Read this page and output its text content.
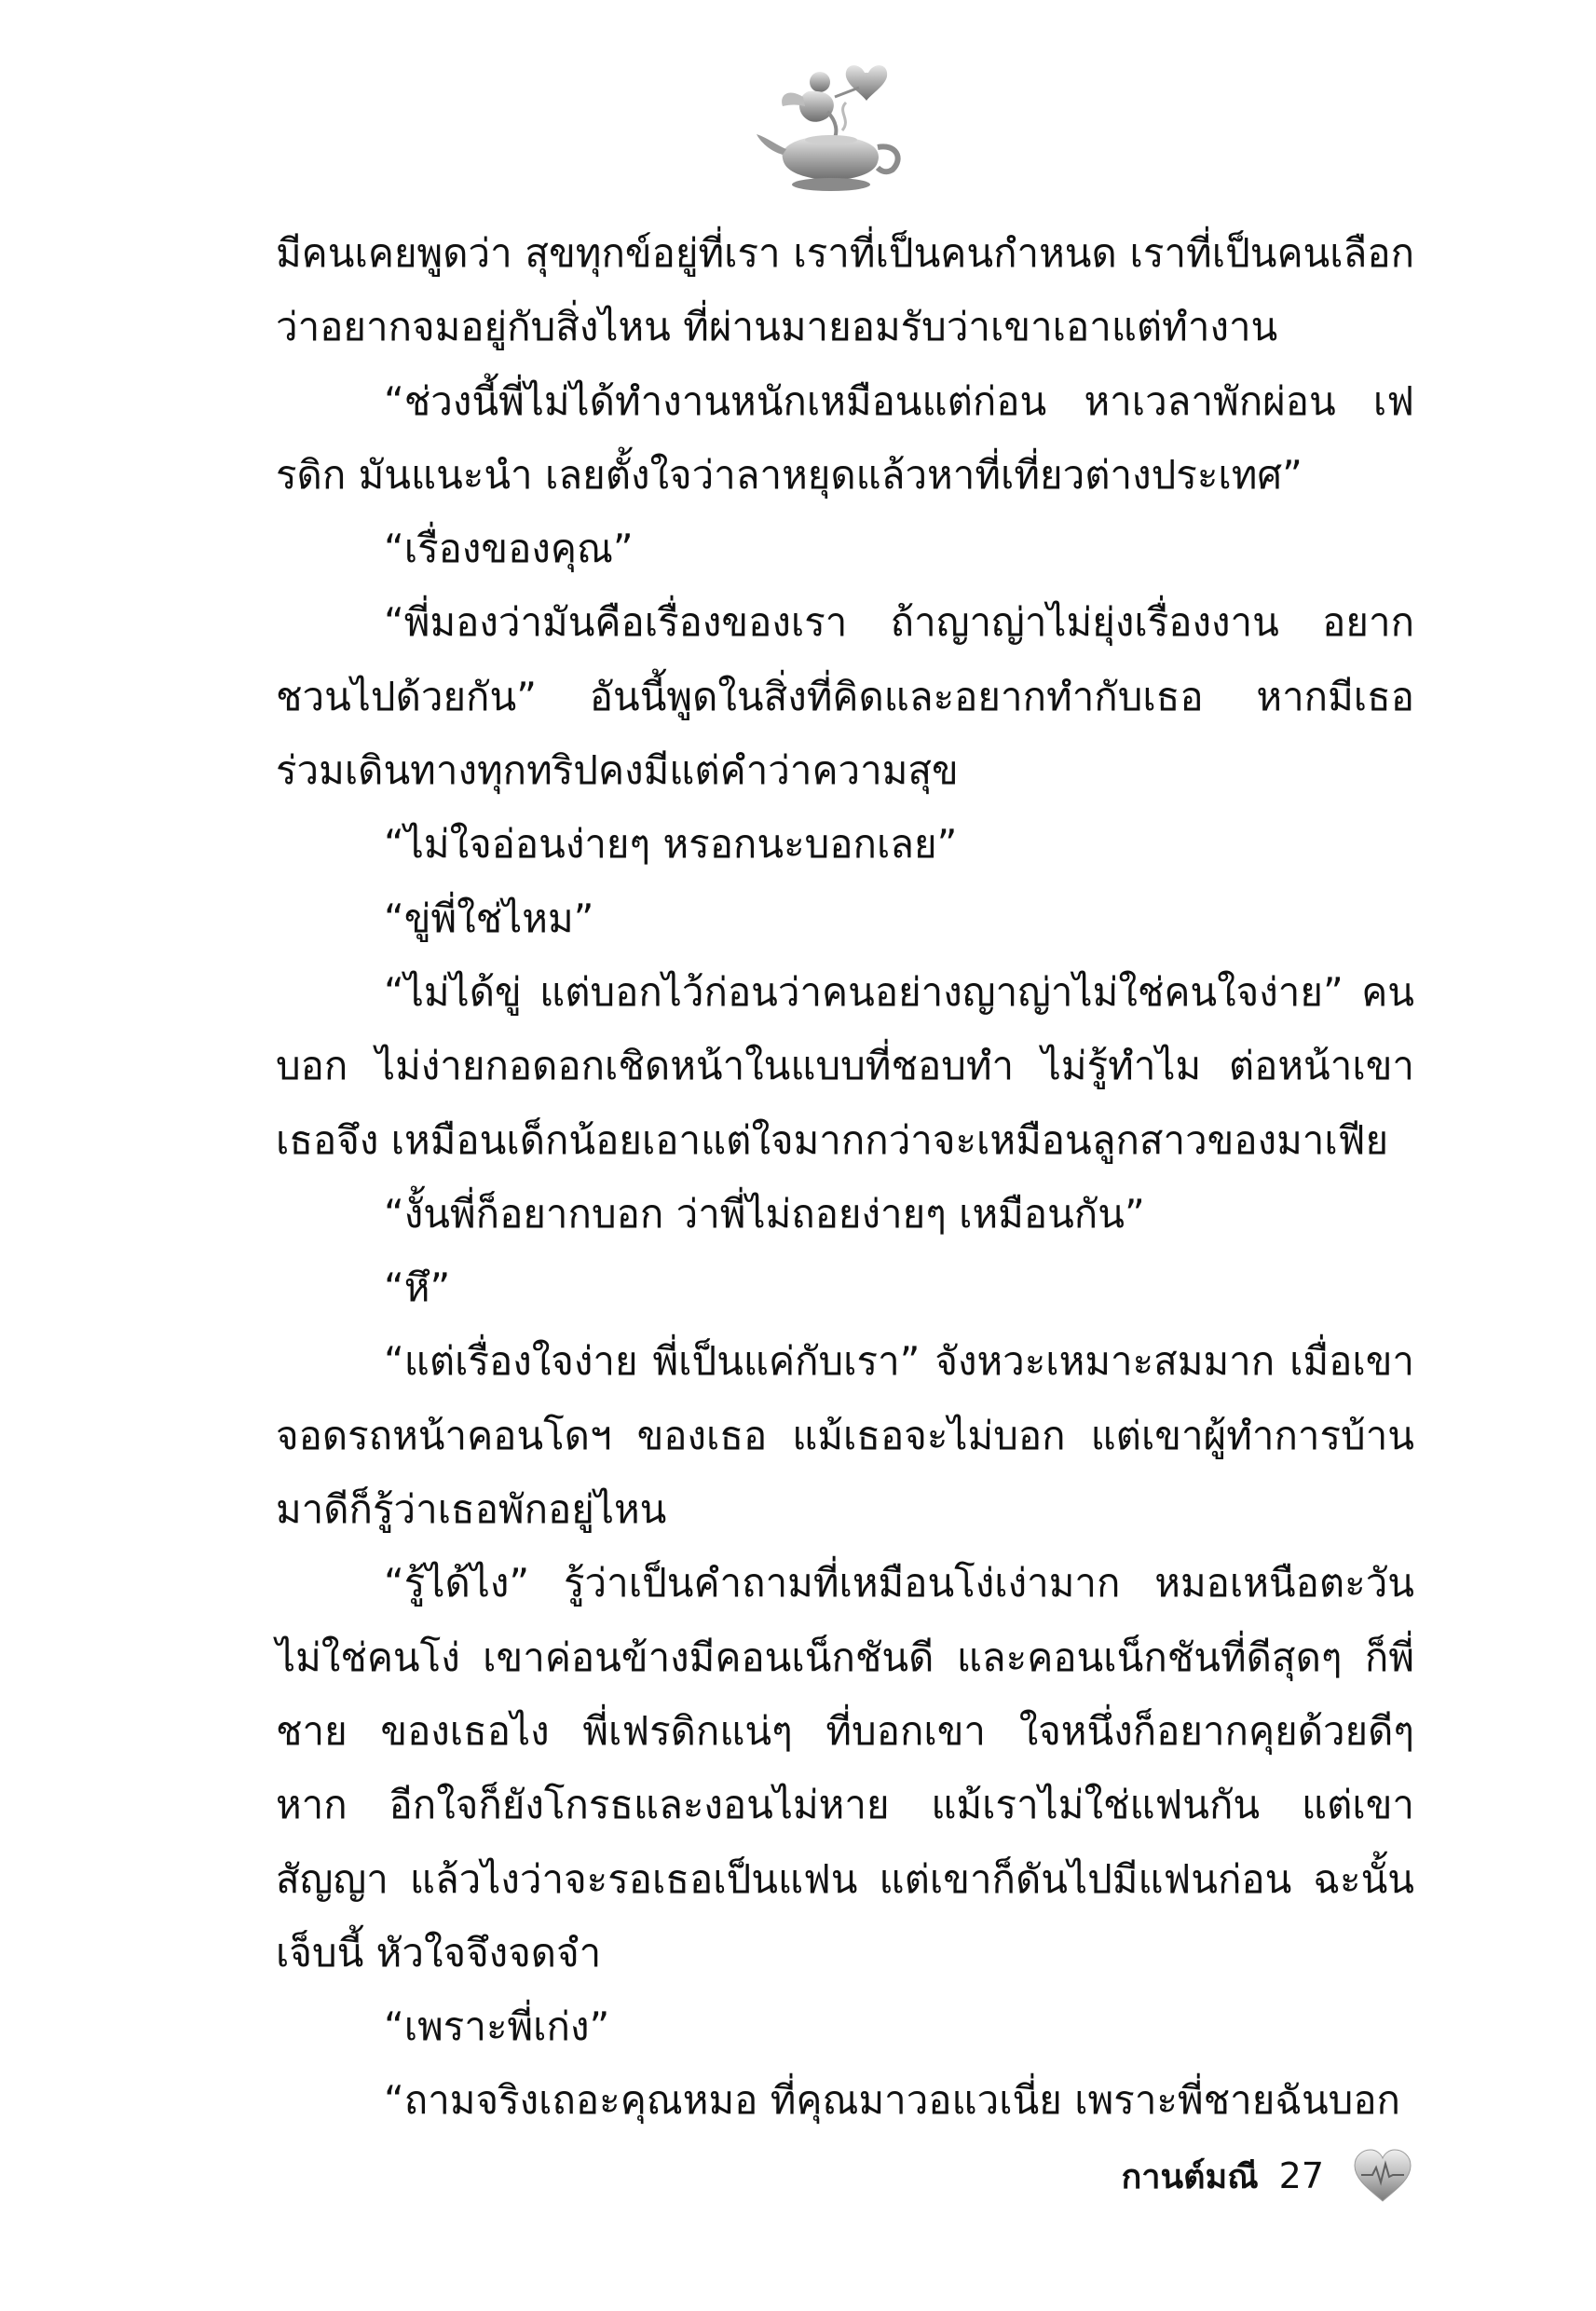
มีคนเคยพูดว่า สุขทุกข์อยู่ที่เรา เราที่เป็นคนกำหนด เราที่เป็นคนเลือก ว่าอยากจมอยู่กับสิ่งไหน ที่ผ่านมายอมรับว่าเขาเอาแต่ทำงาน

“ช่วงนี้พี่ไม่ได้ทำงานหนักเหมือนแต่ก่อน หาเวลาพักผ่อน เฟรดิก มันแนะนำ เลยตั้งใจว่าลาหยุดแล้วหาที่เที่ยวต่างประเทศ”

“เรื่องของคุณ”

“พี่มองว่ามันคือเรื่องของเรา ถ้าญาญ่าไม่ยุ่งเรื่องงาน อยาก ชวนไปด้วยกัน” อันนี้พูดในสิ่งที่คิดและอยากทำกับเธอ หากมีเธอ ร่วมเดินทางทุกทริปคงมีแต่คำว่าความสุข

“ไม่ใจอ่อนง่ายๆ หรอกนะบอกเลย”

“ขู่พี่ใช่ไหม”

“ไม่ได้ขู่ แต่บอกไว้ก่อนว่าคนอย่างญาญ่าไม่ใช่คนใจง่าย” คนบอก ไม่ง่ายกอดอกเชิดหน้าในแบบที่ชอบทำ ไม่รู้ทำไม ต่อหน้าเขาเธอจึง เหมือนเด็กน้อยเอาแต่ใจมากกว่าจะเหมือนลูกสาวของมาเฟีย

“งั้นพี่ก็อยากบอก ว่าพี่ไม่ถอยง่ายๆ เหมือนกัน”

“หึ”

“แต่เรื่องใจง่าย พี่เป็นแค่กับเรา” จังหวะเหมาะสมมาก เมื่อเขา จอดรถหน้าคอนโดฯ ของเธอ แม้เธอจะไม่บอก แต่เขาผู้ทำการบ้าน มาดีก็รู้ว่าเธอพักอยู่ไหน

“รู้ได้ไง” รู้ว่าเป็นคำถามที่เหมือนโง่เง่ามาก หมอเหนือตะวัน ไม่ใช่คนโง่ เขาค่อนข้างมีคอนเน็กชันดี และคอนเน็กชันที่ดีสุดๆ ก็พี่ชาย ของเธอไง พี่เฟรดิกแน่ๆ ที่บอกเขา ใจหนึ่งก็อยากคุยด้วยดีๆ หาก อีกใจก็ยังโกรธและงอนไม่หาย แม้เราไม่ใช่แฟนกัน แต่เขาสัญญา แล้วไงว่าจะรอเธอเป็นแฟน แต่เขาก็ดันไปมีแฟนก่อน ฉะนั้นเจ็บนี้ หัวใจจึงจดจำ

“เพราะพี่เก่ง”

“ถามจริงเถอะคุณหมอ ที่คุณมาวอแวเนี่ย เพราะพี่ชายฉันบอก

กานต์มณี 27
